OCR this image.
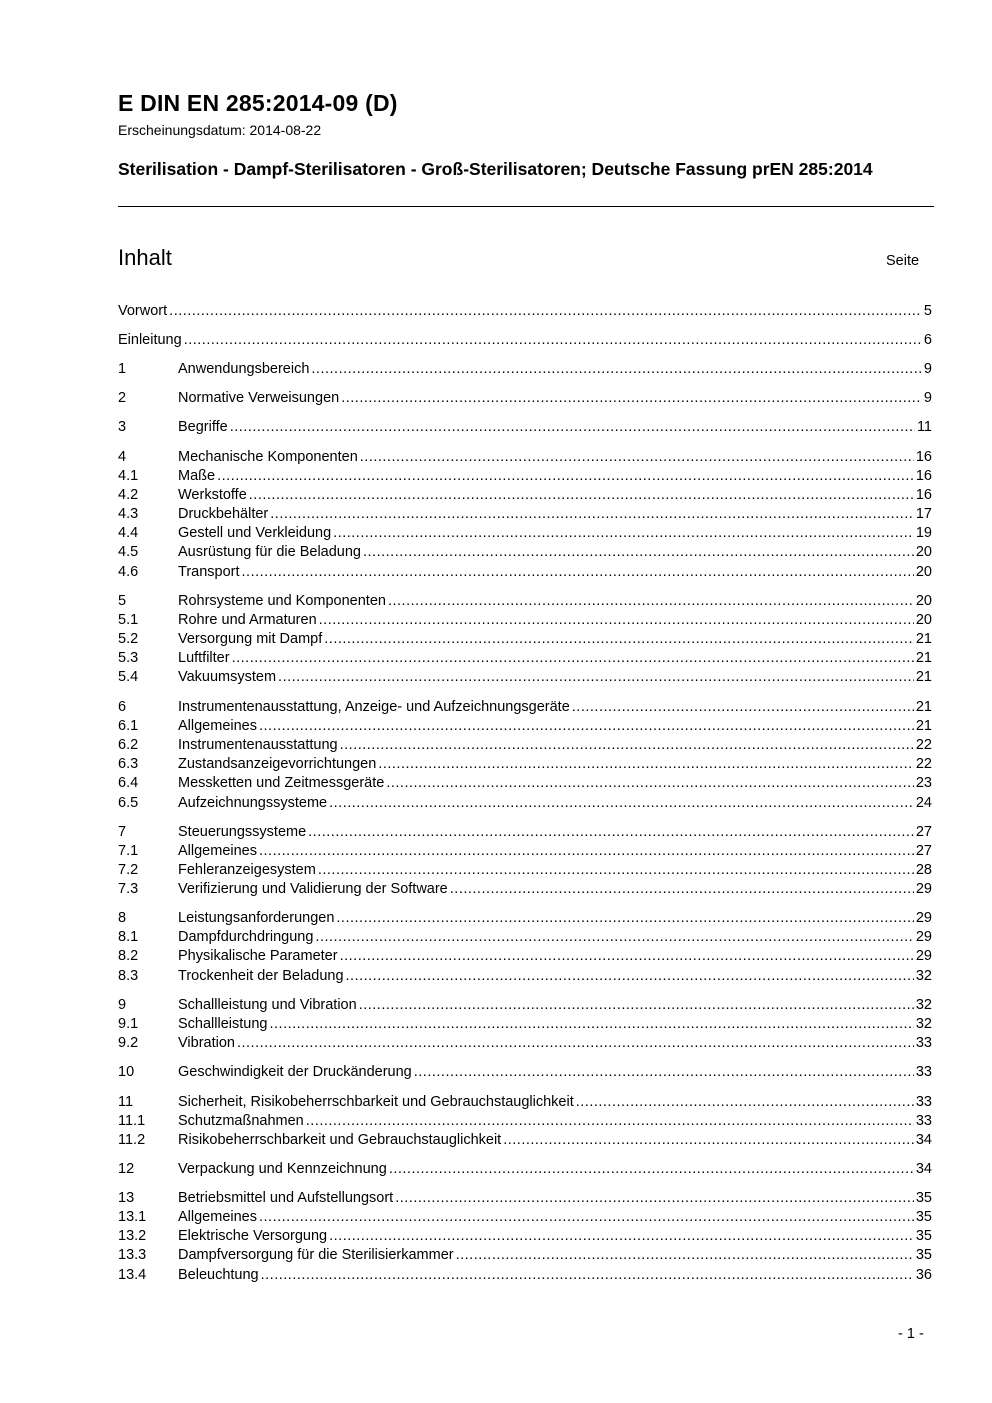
E DIN EN 285:2014-09 (D)
Erscheinungsdatum: 2014-08-22
Sterilisation - Dampf-Sterilisatoren - Groß-Sterilisatoren; Deutsche Fassung prEN 285:2014
Inhalt	Seite
Vorwort .....	5
Einleitung .....	6
1	Anwendungsbereich .....	9
2	Normative Verweisungen .....	9
3	Begriffe .....	11
4	Mechanische Komponenten .....	16
4.1	Maße .....	16
4.2	Werkstoffe .....	16
4.3	Druckbehälter .....	17
4.4	Gestell und Verkleidung .....	19
4.5	Ausrüstung für die Beladung .....	20
4.6	Transport .....	20
5	Rohrsysteme und Komponenten .....	20
5.1	Rohre und Armaturen .....	20
5.2	Versorgung mit Dampf .....	21
5.3	Luftfilter .....	21
5.4	Vakuumsystem .....	21
6	Instrumentenausstattung, Anzeige- und Aufzeichnungsgeräte .....	21
6.1	Allgemeines .....	21
6.2	Instrumentenausstattung .....	22
6.3	Zustandsanzeigevorrichtungen .....	22
6.4	Messketten und Zeitmessgeräte .....	23
6.5	Aufzeichnungssysteme .....	24
7	Steuerungssysteme .....	27
7.1	Allgemeines .....	27
7.2	Fehleranzeigesystem .....	28
7.3	Verifizierung und Validierung der Software .....	29
8	Leistungsanforderungen .....	29
8.1	Dampfdurchdringung .....	29
8.2	Physikalische Parameter .....	29
8.3	Trockenheit der Beladung .....	32
9	Schallleistung und Vibration .....	32
9.1	Schallleistung .....	32
9.2	Vibration .....	33
10	Geschwindigkeit der Druckänderung .....	33
11	Sicherheit, Risikobeherrschbarkeit und Gebrauchstauglichkeit .....	33
11.1	Schutzmaßnahmen .....	33
11.2	Risikobeherrschbarkeit und Gebrauchstauglichkeit .....	34
12	Verpackung und Kennzeichnung .....	34
13	Betriebsmittel und Aufstellungsort .....	35
13.1	Allgemeines .....	35
13.2	Elektrische Versorgung .....	35
13.3	Dampfversorgung für die Sterilisierkammer .....	35
13.4	Beleuchtung .....	36
- 1 -
